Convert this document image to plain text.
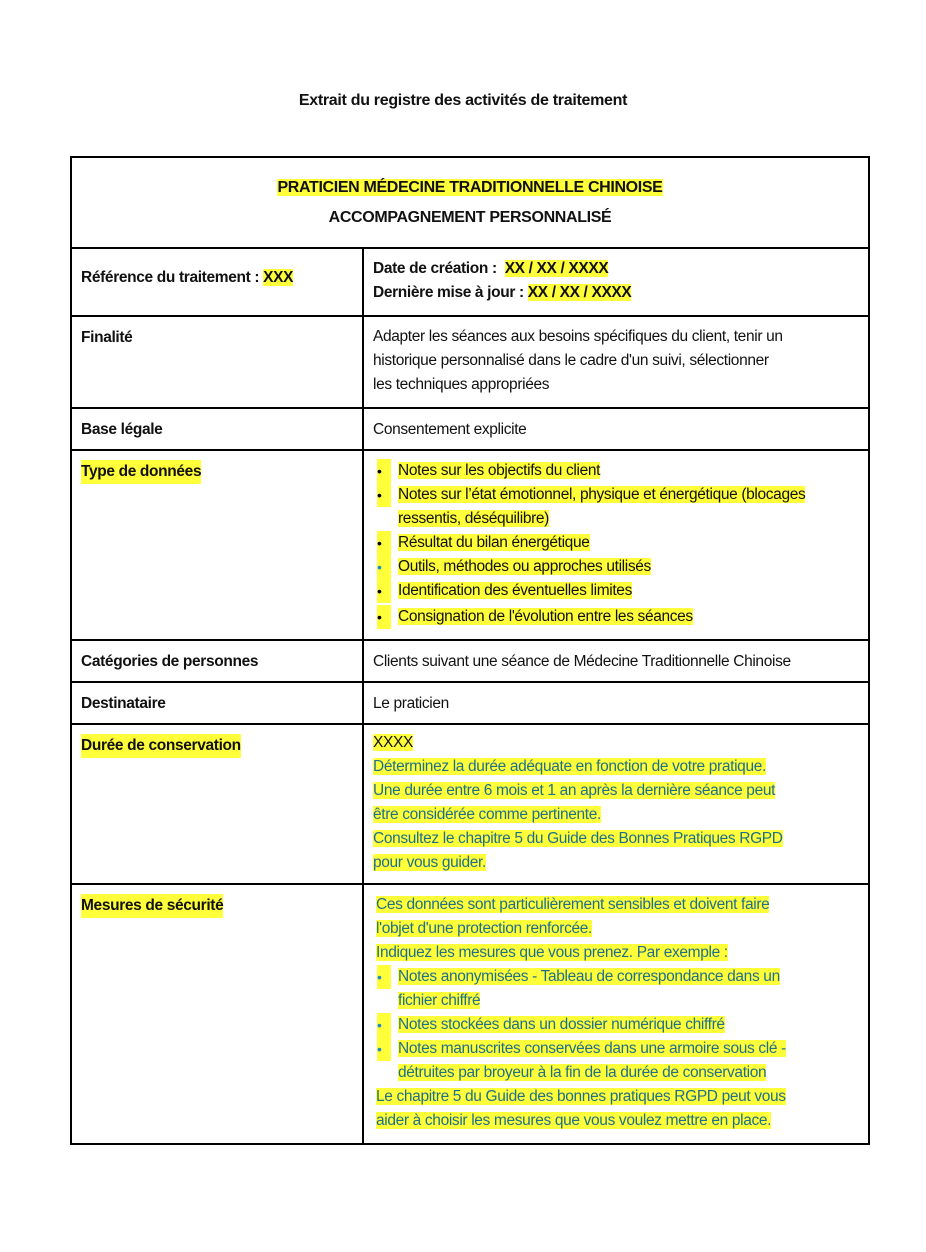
Extrait du registre des activités de traitement
PRATICIEN MÉDECINE TRADITIONNELLE CHINOISE
ACCOMPAGNEMENT PERSONNALISÉ	

Référence du traitement : XXX	Date de création :  XX / XX / XXXX
Dernière mise à jour : XX / XX / XXXX

Finalité	Adapter les séances aux besoins spécifiques du client, tenir un
historique personnalisé dans le cadre d'un suivi, sélectionner
les techniques appropriées

Base légale	Consentement explicite

Type de données	•	Notes sur les objectifs du client
•	Notes sur l’état émotionnel, physique et énergétique (blocages
ressentis, déséquilibre)
•	Résultat du bilan énergétique
•	Outils, méthodes ou approches utilisés
•	Identification des éventuelles limites
•	Consignation de l'évolution entre les séances

Catégories de personnes	Clients suivant une séance de Médecine Traditionnelle Chinoise

Destinataire	Le praticien

Durée de conservation	XXXX
Déterminez la durée adéquate en fonction de votre pratique.
Une durée entre 6 mois et 1 an après la dernière séance peut
être considérée comme pertinente.
Consultez le chapitre 5 du Guide des Bonnes Pratiques RGPD
pour vous guider.

Mesures de sécurité	Ces données sont particulièrement sensibles et doivent faire
l'objet d'une protection renforcée.
Indiquez les mesures que vous prenez. Par exemple :
•	Notes anonymisées - Tableau de correspondance dans un
fichier chiffré
•	Notes stockées dans un dossier numérique chiffré
•	Notes manuscrites conservées dans une armoire sous clé -
détruites par broyeur à la fin de la durée de conservation
Le chapitre 5 du Guide des bonnes pratiques RGPD peut vous
aider à choisir les mesures que vous voulez mettre en place.
